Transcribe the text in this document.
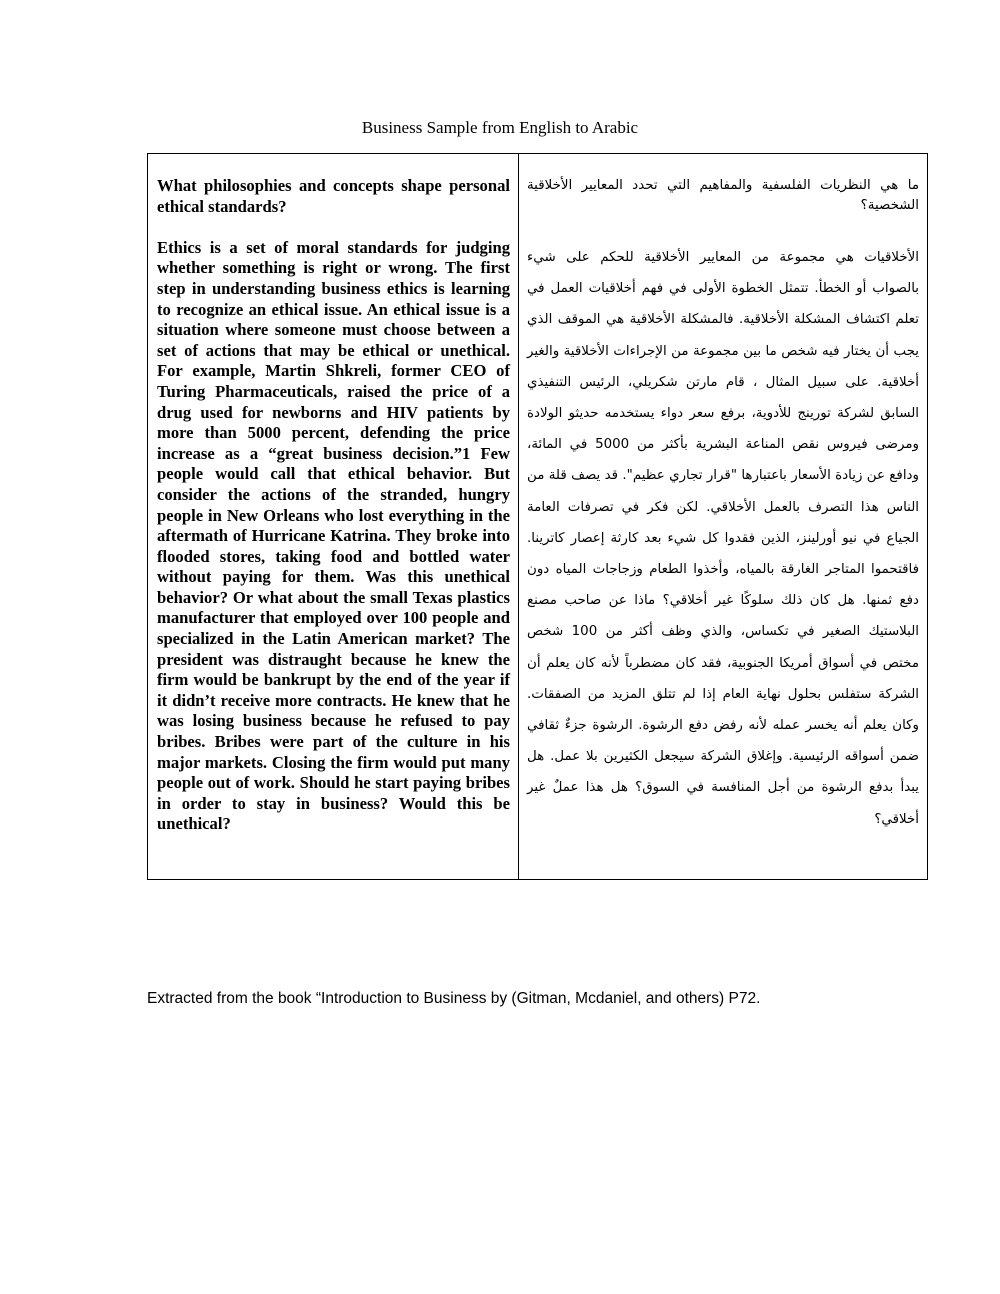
Business Sample from English to Arabic

What philosophies and concepts shape personal ethical standards?

Ethics is a set of moral standards for judging whether something is right or wrong. The first step in understanding business ethics is learning to recognize an ethical issue. An ethical issue is a situation where someone must choose between a set of actions that may be ethical or unethical. For example, Martin Shkreli, former CEO of Turing Pharmaceuticals, raised the price of a drug used for newborns and HIV patients by more than 5000 percent, defending the price increase as a “great business decision.”1 Few people would call that ethical behavior. But consider the actions of the stranded, hungry people in New Orleans who lost everything in the aftermath of Hurricane Katrina. They broke into flooded stores, taking food and bottled water without paying for them. Was this unethical behavior? Or what about the small Texas plastics manufacturer that employed over 100 people and specialized in the Latin American market? The president was distraught because he knew the firm would be bankrupt by the end of the year if it didn’t receive more contracts. He knew that he was losing business because he refused to pay bribes. Bribes were part of the culture in his major markets. Closing the firm would put many people out of work. Should he start paying bribes in order to stay in business? Would this be unethical?

ما هي النظريات الفلسفية والمفاهيم التي تحدد المعايير الأخلاقية الشخصية؟

الأخلاقيات هي مجموعة من المعايير الأخلاقية للحكم على شيء بالصواب أو الخطأ. تتمثل الخطوة الأولى في فهم أخلاقيات العمل في تعلم اكتشاف المشكلة الأخلاقية. فالمشكلة الأخلاقية هي الموقف الذي يجب أن يختار فيه شخص ما بين مجموعة من الإجراءات الأخلاقية والغير أخلاقية. على سبيل المثال ، قام مارتن شكريلي، الرئيس التنفيذي السابق لشركة تورينج للأدوية، برفع سعر دواء يستخدمه حديثو الولادة ومرضى فيروس نقص المناعة البشرية بأكثر من 5000 في المائة، ودافع عن زيادة الأسعار باعتبارها "قرار تجاري عظيم". قد يصف قلة من الناس هذا التصرف بالعمل الأخلاقي. لكن فكر في تصرفات العامة الجياع في نيو أورلينز، الذين فقدوا كل شيء بعد كارثة إعصار كاترينا. فاقتحموا المتاجر الغارقة بالمياه، وأخذوا الطعام وزجاجات المياه دون دفع ثمنها. هل كان ذلك سلوكًا غير أخلاقي؟ ماذا عن صاحب مصنع البلاستيك الصغير في تكساس، والذي وظف أكثر من 100 شخص مختص في أسواق أمريكا الجنوبية، فقد كان مضطرباً لأنه كان يعلم أن الشركة ستفلس بحلول نهاية العام إذا لم تتلق المزيد من الصفقات. وكان يعلم أنه يخسر عمله لأنه رفض دفع الرشوة. الرشوة جزءٌ ثقافي ضمن أسواقه الرئيسية. وإغلاق الشركة سيجعل الكثيرين بلا عمل. هل يبدأ بدفع الرشوة من أجل المنافسة في السوق؟ هل هذا عملٌ غير أخلاقي؟

Extracted from the book “Introduction to Business by (Gitman, Mcdaniel, and others) P72.
